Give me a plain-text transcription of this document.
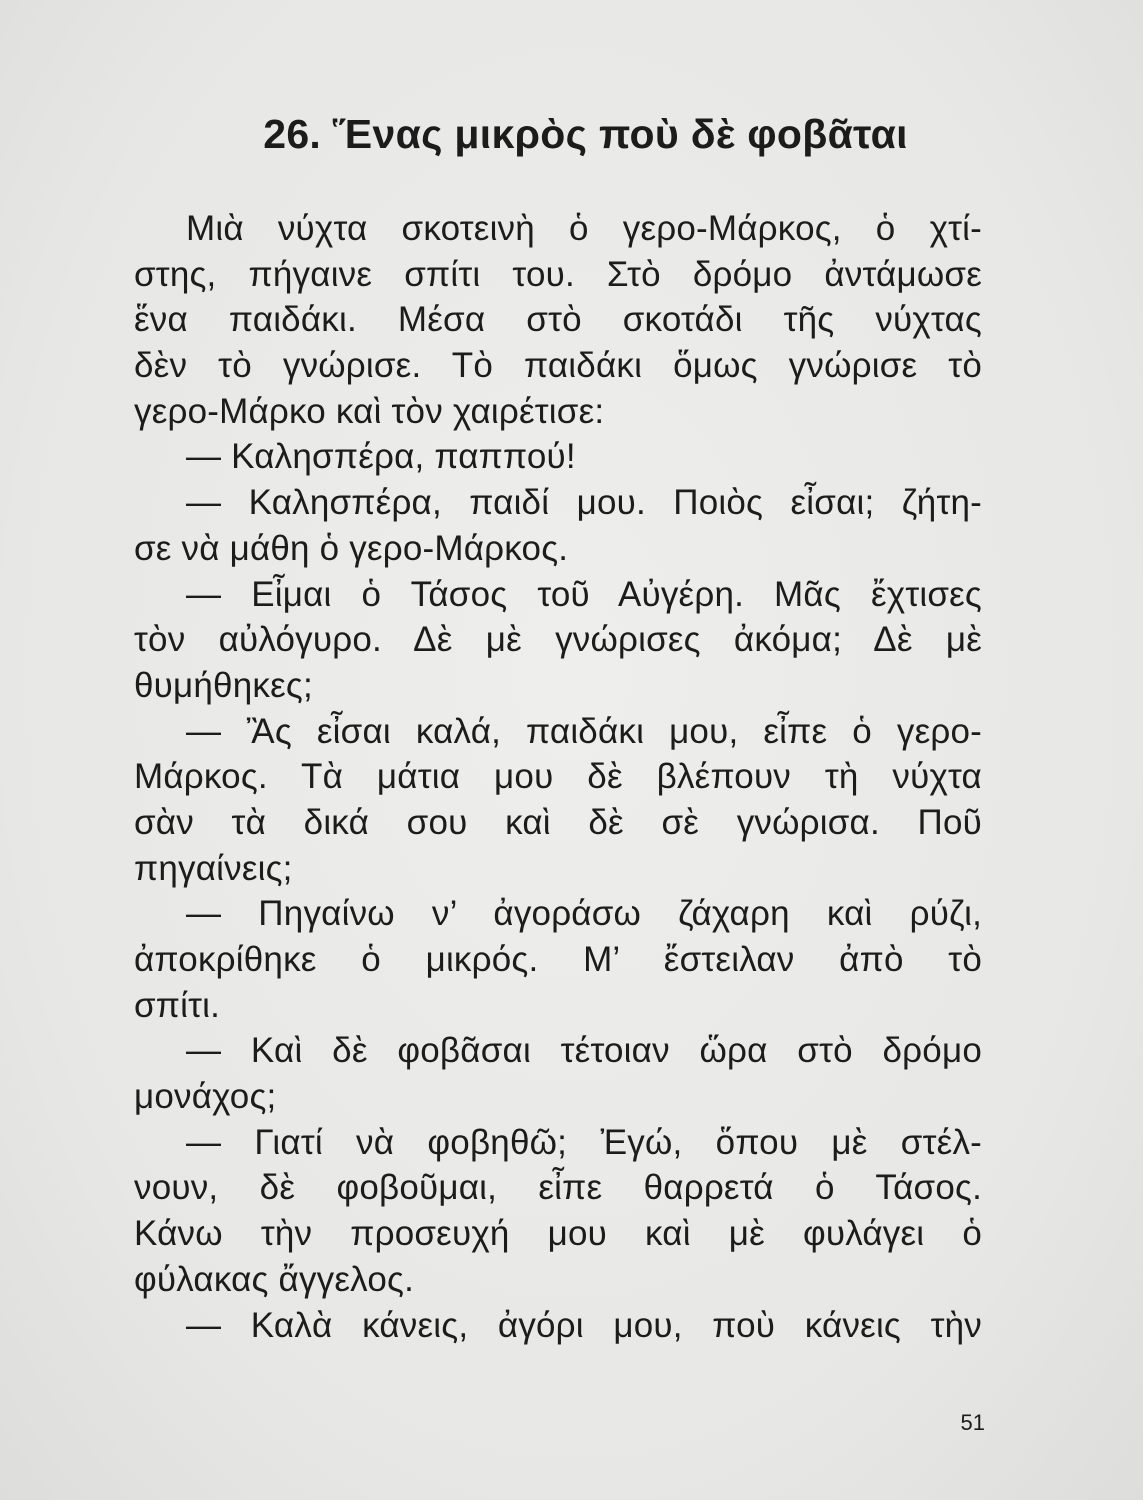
26. Ἕνας μικρὸς ποὺ δὲ φοβᾶται
Μιὰ νύχτα σκοτεινὴ ὁ γερο-Μάρκος, ὁ χτί-
στης, πήγαινε σπίτι του. Στὸ δρόμο ἀντάμωσε
ἕνα παιδάκι. Μέσα στὸ σκοτάδι τῆς νύχτας
δὲν τὸ γνώρισε. Τὸ παιδάκι ὅμως γνώρισε τὸ
γερο-Μάρκο καὶ τὸν χαιρέτισε:
— Καλησπέρα, παππού!
— Καλησπέρα, παιδί μου. Ποιὸς εἶσαι; ζήτη-
σε νὰ μάθη ὁ γερο-Μάρκος.
— Εἶμαι ὁ Τάσος τοῦ Αὐγέρη. Μᾶς ἔχτισες
τὸν αὐλόγυρο. Δὲ μὲ γνώρισες ἀκόμα; Δὲ μὲ
θυμήθηκες;
— Ἂς εἶσαι καλά, παιδάκι μου, εἶπε ὁ γερο-
Μάρκος. Τὰ μάτια μου δὲ βλέπουν τὴ νύχτα
σὰν τὰ δικά σου καὶ δὲ σὲ γνώρισα. Ποῦ
πηγαίνεις;
— Πηγαίνω ν’ ἀγοράσω ζάχαρη καὶ ρύζι,
ἀποκρίθηκε ὁ μικρός. Μ’ ἔστειλαν ἀπὸ τὸ
σπίτι.
— Καὶ δὲ φοβᾶσαι τέτοιαν ὥρα στὸ δρόμο
μονάχος;
— Γιατί νὰ φοβηθῶ; Ἐγώ, ὅπου μὲ στέλ-
νουν, δὲ φοβοῦμαι, εἶπε θαρρετά ὁ Τάσος.
Κάνω τὴν προσευχή μου καὶ μὲ φυλάγει ὁ
φύλακας ἄγγελος.
— Καλὰ κάνεις, ἀγόρι μου, ποὺ κάνεις τὴν
51
